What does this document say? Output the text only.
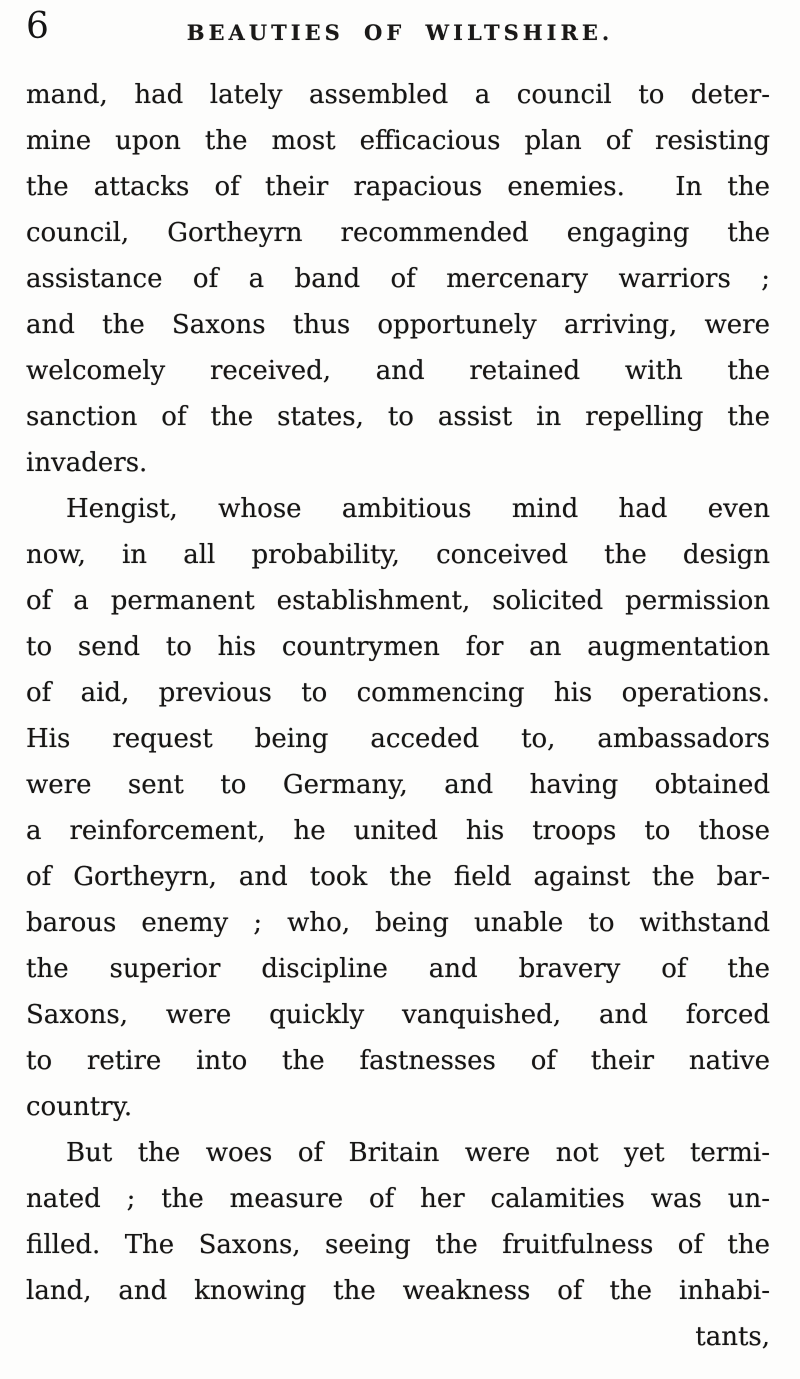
6	BEAUTIES OF WILTSHIRE.
mand, had lately assembled a council to deter-
mine upon the most efficacious plan of resisting
the attacks of their rapacious enemies.  In the
council, Gortheyrn recommended engaging the
assistance of a band of mercenary warriors ;
and the Saxons thus opportunely arriving, were
welcomely received, and retained with the
sanction of the states, to assist in repelling the
invaders.
Hengist, whose ambitious mind had even
now, in all probability, conceived the design
of a permanent establishment, solicited permission
to send to his countrymen for an augmentation
of aid, previous to commencing his operations.
His request being acceded to, ambassadors
were sent to Germany, and having obtained
a reinforcement, he united his troops to those
of Gortheyrn, and took the field against the bar-
barous enemy ; who, being unable to withstand
the superior discipline and bravery of the
Saxons, were quickly vanquished, and forced
to retire into the fastnesses of their native
country.
But the woes of Britain were not yet termi-
nated ; the measure of her calamities was un-
filled. The Saxons, seeing the fruitfulness of the
land, and knowing the weakness of the inhabi-
tants,
